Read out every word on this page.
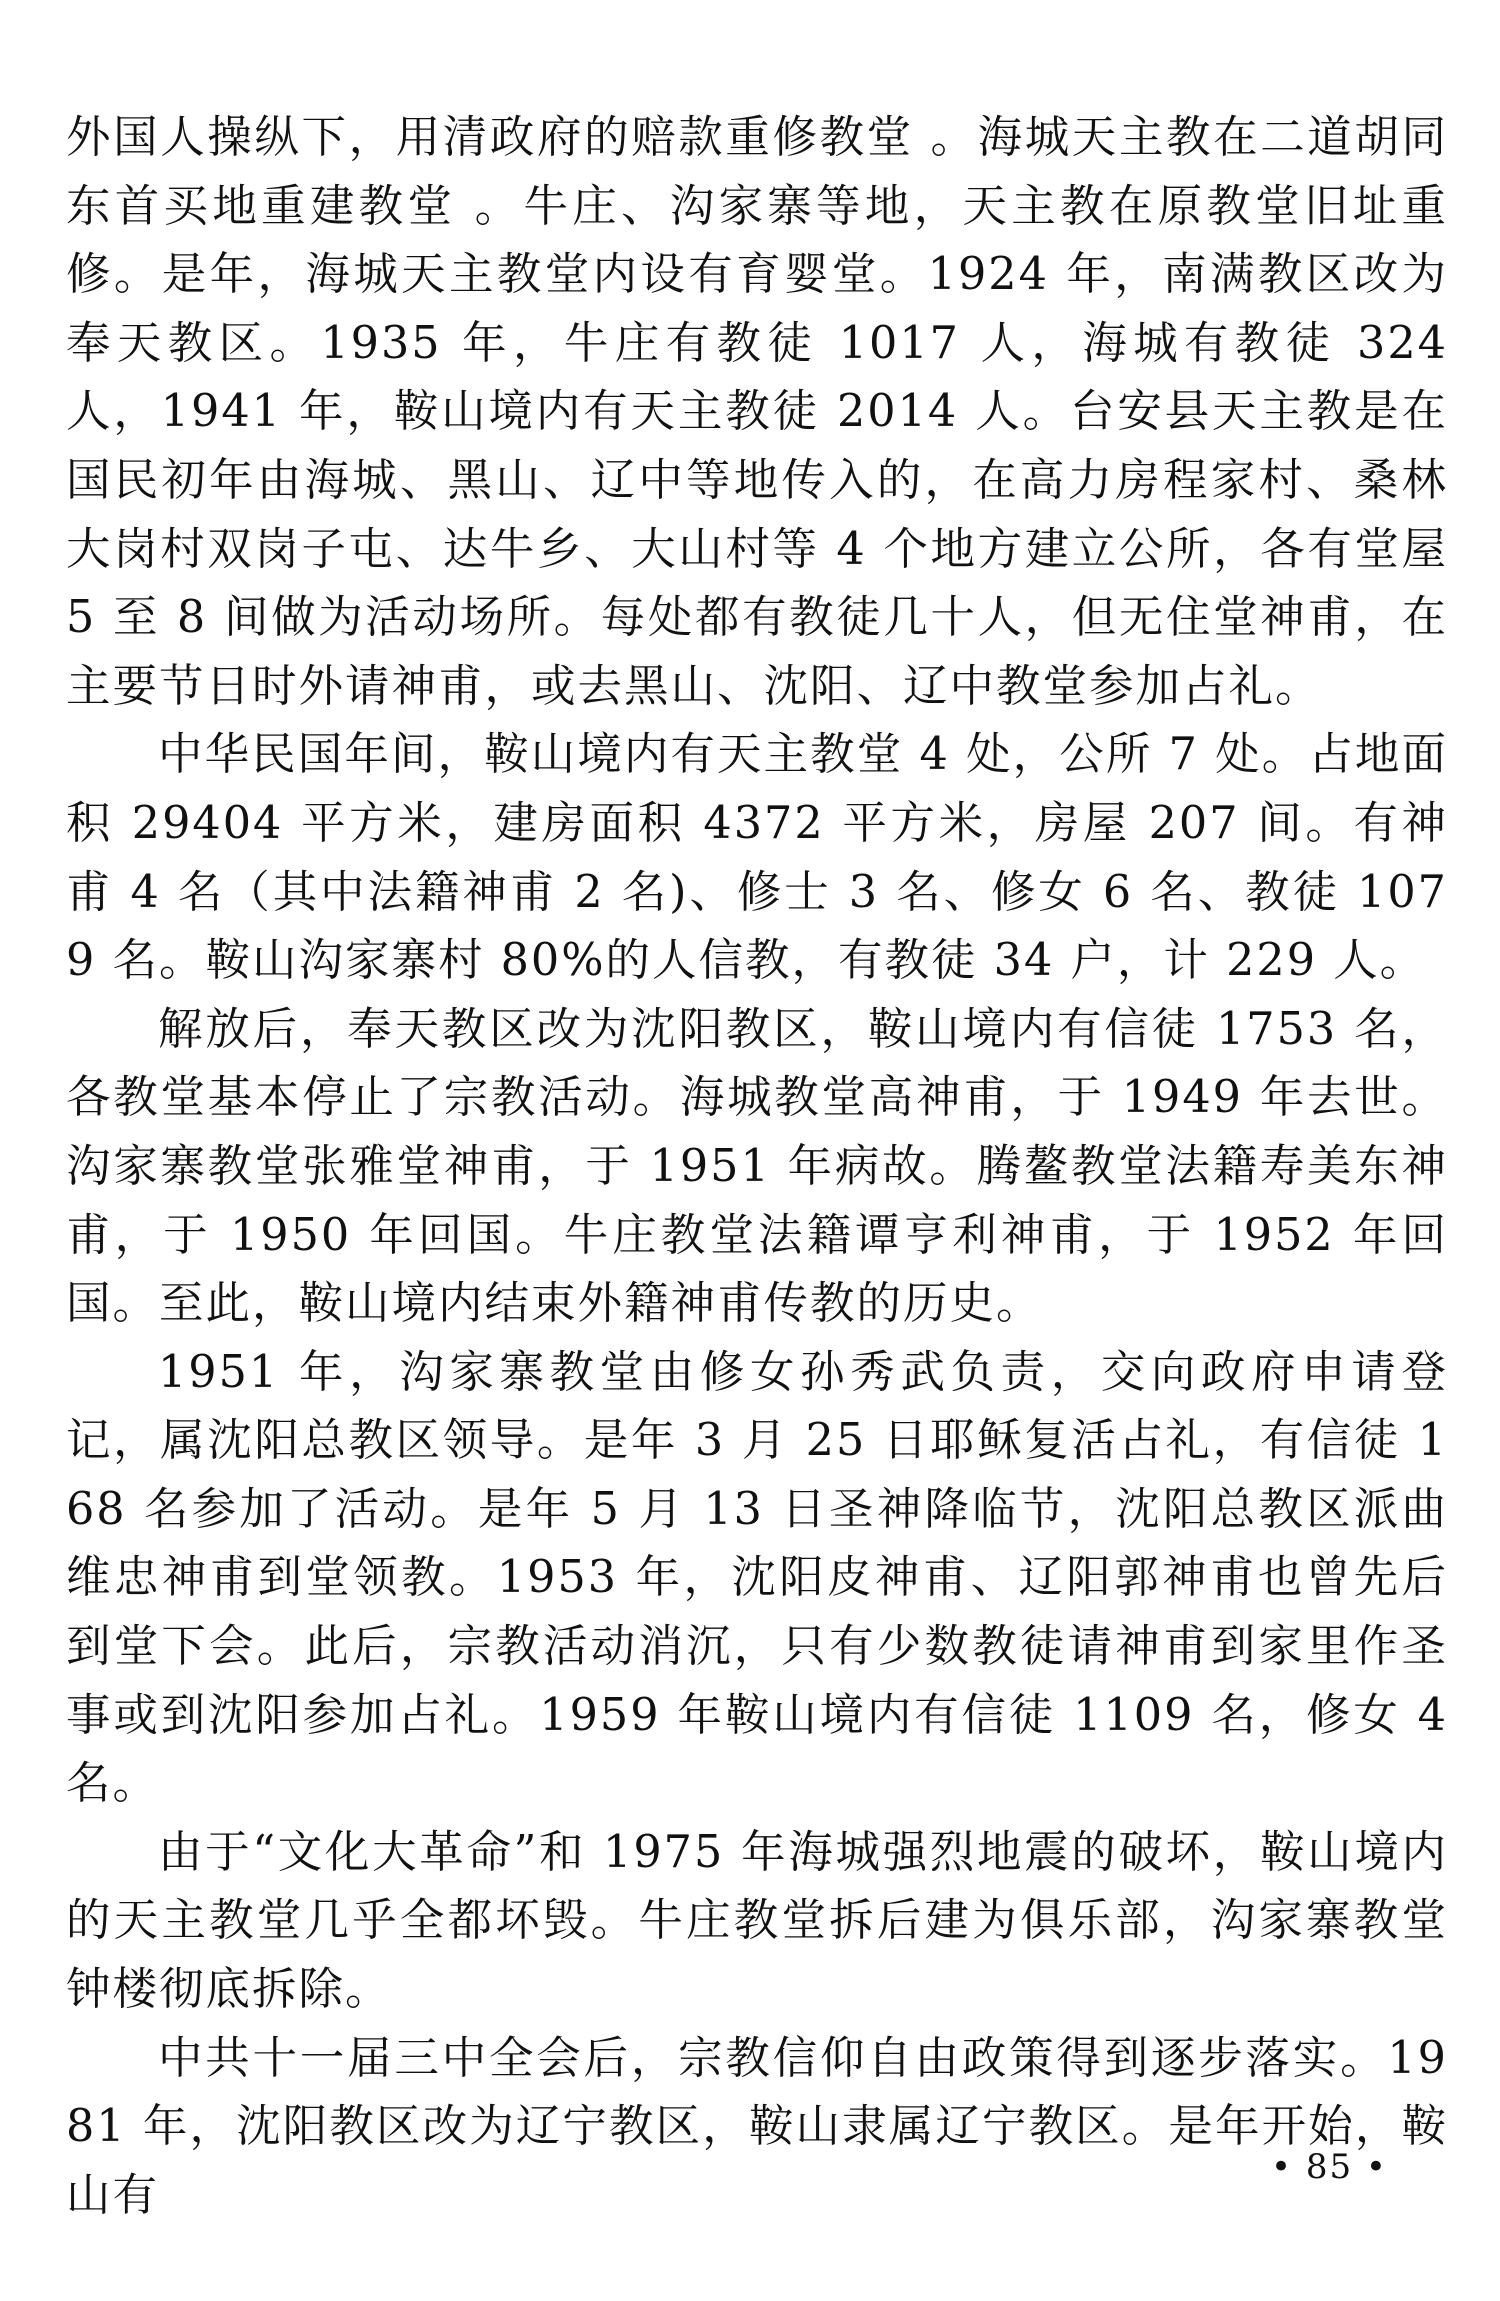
外国人操纵下，用清政府的赔款重修教堂 。海城天主教在二道胡同东首买地重建教堂 。牛庄、沟家寨等地，天主教在原教堂旧址重修。是年，海城天主教堂内设有育婴堂。1924 年，南满教区改为奉天教区。1935 年，牛庄有教徒 1017 人，海城有教徒 324 人，1941 年，鞍山境内有天主教徒 2014 人。台安县天主教是在国民初年由海城、黑山、辽中等地传入的，在高力房程家村、桑林大岗村双岗子屯、达牛乡、大山村等 4 个地方建立公所，各有堂屋 5 至 8 间做为活动场所。每处都有教徒几十人，但无住堂神甫，在主要节日时外请神甫，或去黑山、沈阳、辽中教堂参加占礼。

中华民国年间，鞍山境内有天主教堂 4 处，公所 7 处。占地面积 29404 平方米，建房面积 4372 平方米，房屋 207 间。有神甫 4 名（其中法籍神甫 2 名)、修士 3 名、修女 6 名、教徒 1079 名。鞍山沟家寨村 80%的人信教，有教徒 34 户，计 229 人。

解放后，奉天教区改为沈阳教区，鞍山境内有信徒 1753 名，各教堂基本停止了宗教活动。海城教堂高神甫，于 1949 年去世。沟家寨教堂张雅堂神甫，于 1951 年病故。腾鳌教堂法籍寿美东神甫，于 1950 年回国。牛庄教堂法籍谭亨利神甫，于 1952 年回国。至此，鞍山境内结束外籍神甫传教的历史。

1951 年，沟家寨教堂由修女孙秀武负责，交向政府申请登记，属沈阳总教区领导。是年 3 月 25 日耶稣复活占礼，有信徒 168 名参加了活动。是年 5 月 13 日圣神降临节，沈阳总教区派曲维忠神甫到堂领教。1953 年，沈阳皮神甫、辽阳郭神甫也曾先后到堂下会。此后，宗教活动消沉，只有少数教徒请神甫到家里作圣事或到沈阳参加占礼。1959 年鞍山境内有信徒 1109 名，修女 4 名。

由于“文化大革命”和 1975 年海城强烈地震的破坏，鞍山境内的天主教堂几乎全都坏毁。牛庄教堂拆后建为俱乐部，沟家寨教堂钟楼彻底拆除。

中共十一届三中全会后，宗教信仰自由政策得到逐步落实。1981 年，沈阳教区改为辽宁教区，鞍山隶属辽宁教区。是年开始，鞍山有

• 85 •
